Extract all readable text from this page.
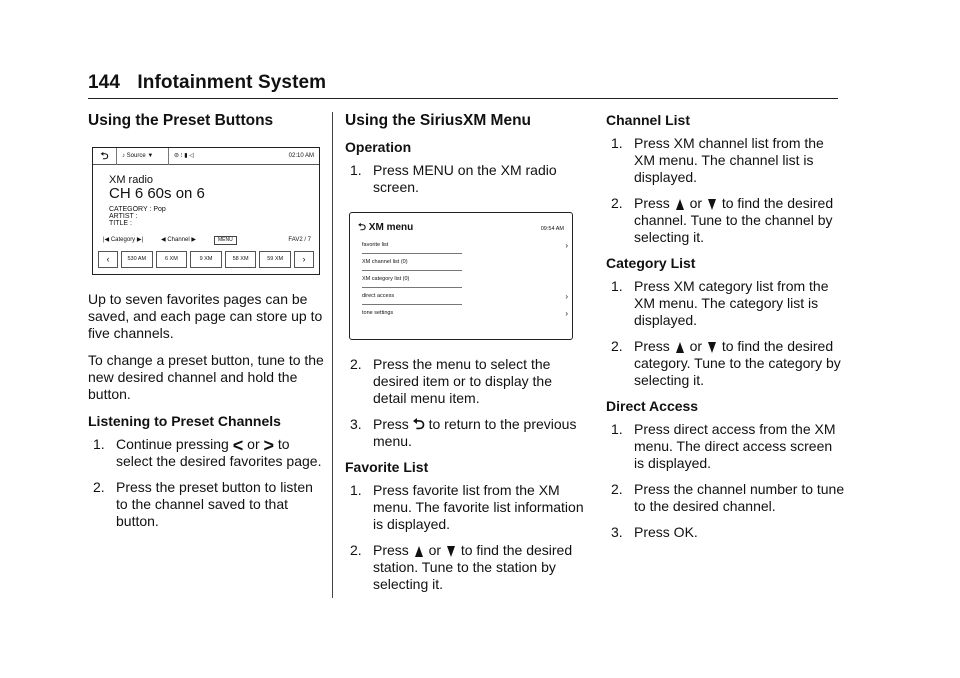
144 Infotainment System
Using the Preset Buttons
⮌	♪ Source ▼	⊜ ⁝ ▮ ◁	02:10 AM
XM radio
CH 6 60s on 6
CATEGORY : Pop
ARTIST :
TITLE :
|◀ Category ▶|	◀ Channel ▶	MENU	FAV2 / 7
‹	530 AM	6 XM	9 XM	58 XM	59 XM	›

Up to seven favorites pages can be saved, and each page can store up to five channels.

To change a preset button, tune to the new desired channel and hold the button.

Listening to Preset Channels
1. Continue pressing < or > to select the desired favorites page.
2. Press the preset button to listen to the channel saved to that button.
Using the SiriusXM Menu
Operation
1. Press MENU on the XM radio screen.
⮌ XM menu	09:54 AM
favorite list	›
XM channel list (0)
XM category list (0)
direct access	›
tone settings	›
2. Press the menu to select the desired item or to display the detail menu item.
3. Press ⮌ to return to the previous menu.
Favorite List
1. Press favorite list from the XM menu. The favorite list information is displayed.
2. Press or to find the desired station. Tune to the station by selecting it.
Channel List
1. Press XM channel list from the XM menu. The channel list is displayed.
2. Press or to find the desired channel. Tune to the channel by selecting it.
Category List
1. Press XM category list from the XM menu. The category list is displayed.
2. Press or to find the desired category. Tune to the category by selecting it.
Direct Access
1. Press direct access from the XM menu. The direct access screen is displayed.
2. Press the channel number to tune to the desired channel.
3. Press OK.
